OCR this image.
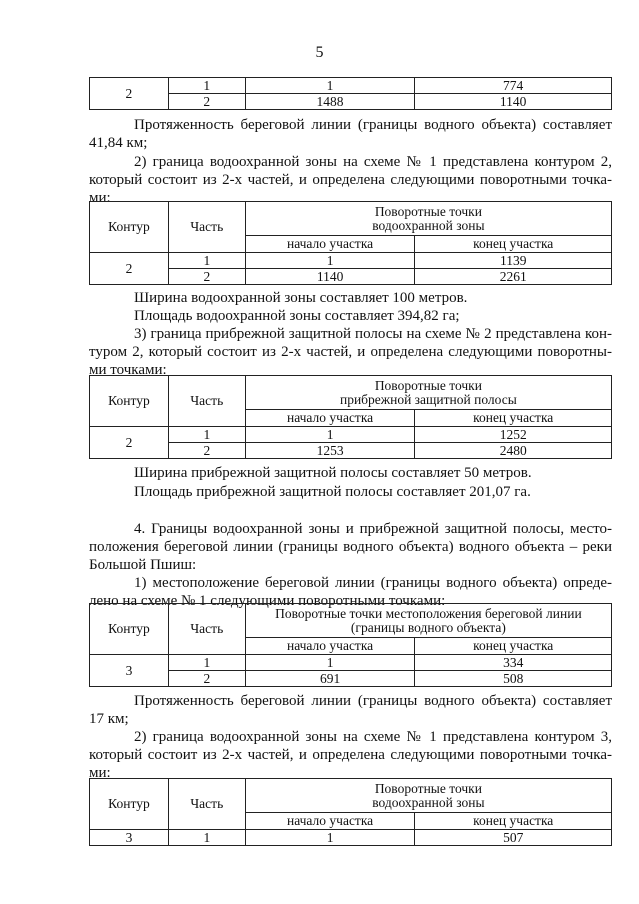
5
2	1	1	774
	2	1488	1140
Протяженность береговой линии (границы водного объекта) составляет
41,84 км;
2) граница водоохранной зоны на схеме № 1 представлена контуром 2,
который состоит из 2-х частей, и определена следующими поворотными точка-
ми:
Контур	Часть	Поворотные точки
водоохранной зоны	
		начало участка	конец участка
2	1	1	1139
	2	1140	2261
Ширина водоохранной зоны составляет 100 метров.
Площадь водоохранной зоны составляет 394,82 га;
3) граница прибрежной защитной полосы на схеме № 2 представлена кон-
туром 2, который состоит из 2-х частей, и определена следующими поворотны-
ми точками:
Контур	Часть	Поворотные точки
прибрежной защитной полосы	
		начало участка	конец участка
2	1	1	1252
	2	1253	2480
Ширина прибрежной защитной полосы составляет 50 метров.
Площадь прибрежной защитной полосы составляет 201,07 га.
4. Границы водоохранной зоны и прибрежной защитной полосы, место-
положения береговой линии (границы водного объекта) водного объекта – реки
Большой Пшиш:
1) местоположение береговой линии (границы водного объекта) опреде-
лено на схеме № 1 следующими поворотными точками:
Контур	Часть	Поворотные точки местоположения береговой линии
(границы водного объекта)	
		начало участка	конец участка
3	1	1	334
	2	691	508
Протяженность береговой линии (границы водного объекта) составляет
17 км;
2) граница водоохранной зоны на схеме № 1 представлена контуром 3,
который состоит из 2-х частей, и определена следующими поворотными точка-
ми:
Контур	Часть	Поворотные точки
водоохранной зоны	
		начало участка	конец участка
3	1	1	507
